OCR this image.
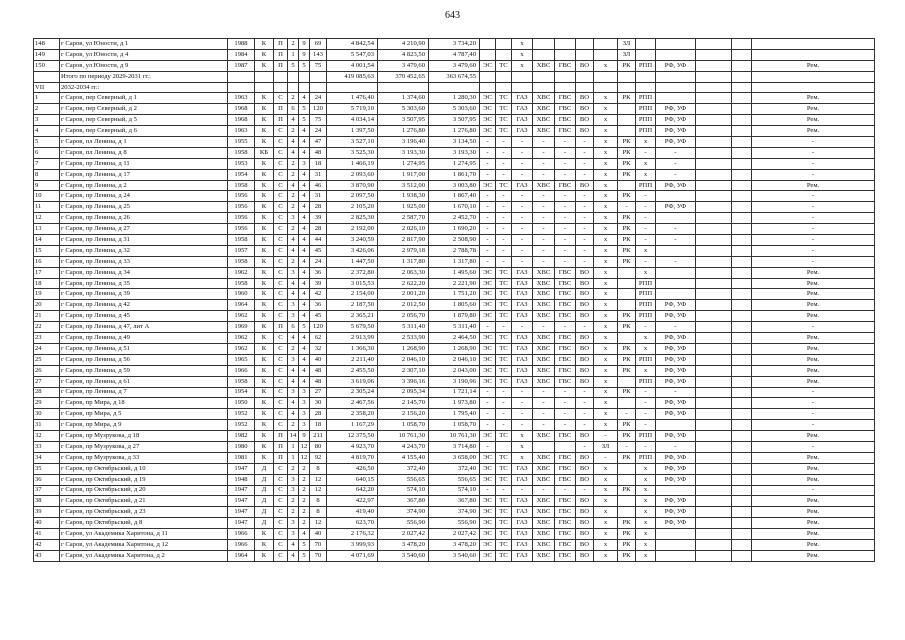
643
148	г Саров, ул Юности, д 1	1988	К	П	2	9	69	4 842,54	4 210,90	3 734,20			x					ЗЛ					
149	г Саров, ул Юности, д 4	1984	К	П	1	9	143	5 547,03	4 823,50	4 787,40			x					ЗЛ					
150	г Саров, ул Юности, д 9	1987	К	П	5	5	75	4 001,54	3 479,60	3 479,60	ЭС	ТС	x	ХВС	ГВС	ВО	x	РК	РПП	РФ, УФ			Рем.
	Итого по периоду 2029-2031 гг.:							419 085,63	370 452,65	363 674,55													
VII	2032-2034 гг.:																						
1	г Саров, пер Северный, д 1	1963	К	С	2	4	24	1 476,40	1 374,60	1 280,30	ЭС	ТС	ГАЗ	ХВС	ГВС	ВО	x	РК	РПП				Рем.
2	г Саров, пер Северный, д 2	1968	К	П	6	5	120	5 719,10	5 303,60	5 303,60	ЭС	ТС	ГАЗ	ХВС	ГВС	ВО	x		РПП	РФ, УФ			Рем.
3	г Саров, пер Северный, д 5	1968	К	П	4	5	75	4 034,14	3 507,95	3 507,95	ЭС	ТС	ГАЗ	ХВС	ГВС	ВО	x		РПП	РФ, УФ			Рем.
4	г Саров, пер Северный, д 6	1963	К	С	2	4	24	1 397,50	1 276,80	1 276,80	ЭС	ТС	ГАЗ	ХВС	ГВС	ВО	x		РПП	РФ, УФ			Рем.
5	г Саров, пл Ленина, д 1	1955	К	С	4	4	47	3 527,10	3 196,40	3 134,50	-	-	-	-	-	-	x	РК	x	РФ, УФ			-
6	г Саров, пл Ленина, д 8	1958	КБ	С	4	4	48	3 525,30	3 193,30	3 193,30	-	-	-	-	-	-	x	РК	-	-			-
7	г Саров, пр Ленина, д 11	1953	К	С	2	3	18	1 466,19	1 274,95	1 274,95	-	-	-	-	-	-	x	РК	x	-			-
8	г Саров, пр Ленина, д 17	1954	К	С	2	4	31	2 093,60	1 917,00	1 861,70	-	-	-	-	-	-	x	РК	x	-			-
9	г Саров, пр Ленина, д 2	1958	К	С	4	4	46	3 870,90	3 512,00	3 003,80	ЭС	ТС	ГАЗ	ХВС	ГВС	ВО	x		РПП	РФ, УФ			Рем.
10	г Саров, пр Ленина, д 24	1956	К	С	2	4	31	2 097,50	1 938,30	1 867,40	-	-	-	-	-	-	x	РК	-				-
11	г Саров, пр Ленина, д 25	1956	К	С	2	4	28	2 105,20	1 925,00	1 670,10	-	-	-	-	-	-	x	-	-	РФ, УФ			-
12	г Саров, пр Ленина, д 26	1956	К	С	3	4	39	2 825,30	2 587,70	2 452,70	-	-	-	-	-	-	x	РК	-				-
13	г Саров, пр Ленина, д 27	1956	К	С	2	4	28	2 192,00	2 026,10	1 690,20	-	-	-	-	-	-	x	РК	-	-			-
14	г Саров, пр Ленина, д 31	1958	К	С	4	4	44	3 240,59	2 817,90	2 508,90	-	-	-	-	-	-	x	РК	-	-			-
15	г Саров, пр Ленина, д 32	1957	К	С	4	4	45	3 426,06	2 979,18	2 788,78	-	-	-	-	-	-	x	РК	x				-
16	г Саров, пр Ленина, д 33	1958	К	С	2	4	24	1 447,50	1 317,80	1 317,80	-	-	-	-	-	-	x	РК	-	-			-
17	г Саров, пр Ленина, д 34	1962	К	С	3	4	36	2 372,80	2 063,30	1 495,60	ЭС	ТС	ГАЗ	ХВС	ГВС	ВО	x		x				Рем.
18	г Саров, пр Ленина, д 35	1958	К	С	4	4	39	3 015,53	2 622,20	2 221,90	ЭС	ТС	ГАЗ	ХВС	ГВС	ВО	x		РПП				Рем.
19	г Саров, пр Ленина, д 39	1960	К	С	4	4	42	2 154,00	2 001,20	1 751,20	ЭС	ТС	ГАЗ	ХВС	ГВС	ВО	x		РПП				Рем.
20	г Саров, пр Ленина, д 42	1964	К	С	3	4	36	2 187,50	2 012,50	1 805,60	ЭС	ТС	ГАЗ	ХВС	ГВС	ВО	x		РПП	РФ, УФ			Рем.
21	г Саров, пр Ленина, д 45	1962	К	С	3	4	45	2 365,21	2 056,70	1 879,80	ЭС	ТС	ГАЗ	ХВС	ГВС	ВО	x	РК	РПП	РФ, УФ			Рем.
22	г Саров, пр Ленина, д 47, лит А	1969	К	П	6	5	120	5 679,50	5 311,40	5 311,40	-	-	-	-	-	-	x	РК	-	-			-
23	г Саров, пр Ленина, д 49	1962	К	С	4	4	62	2 913,99	2 533,90	2 464,50	ЭС	ТС	ГАЗ	ХВС	ГВС	ВО	x		x	РФ, УФ			Рем.
24	г Саров, пр Ленина, д 51	1962	К	С	2	4	32	1 366,30	1 268,90	1 268,90	ЭС	ТС	ГАЗ	ХВС	ГВС	ВО	x	РК	x	РФ, УФ			Рем.
25	г Саров, пр Ленина, д 56	1965	К	С	3	4	40	2 211,40	2 046,10	2 046,10	ЭС	ТС	ГАЗ	ХВС	ГВС	ВО	x	РК	РПП	РФ, УФ			Рем.
26	г Саров, пр Ленина, д 59	1966	К	С	4	4	48	2 455,50	2 307,10	2 043,00	ЭС	ТС	ГАЗ	ХВС	ГВС	ВО	x	РК	x	РФ, УФ			Рем.
27	г Саров, пр Ленина, д 61	1958	К	С	4	4	48	3 619,06	3 396,16	3 190,96	ЭС	ТС	ГАЗ	ХВС	ГВС	ВО	x		РПП	РФ, УФ			Рем.
28	г Саров, пр Ленина, д 7	1954	К	С	3	3	27	2 305,24	2 095,34	1 721,14	-	-	-	-	-	-	x	РК	-	-			-
29	г Саров, пр Мира, д 18	1950	К	С	4	3	30	2 467,56	2 145,70	1 973,80	-	-	-	-	-	-	x		-	РФ, УФ			-
30	г Саров, пр Мира, д 5	1952	К	С	4	3	28	2 358,20	2 156,20	1 795,40	-	-	-	-	-	-	x	-	-	РФ, УФ			-
31	г Саров, пр Мира, д 9	1952	К	С	2	3	18	1 167,29	1 058,70	1 058,70	-	-	-	-	-	-	x	РК	-				-
32	г Саров, пр Музрукова, д 18	1982	К	П	14	9	211	12 375,50	10 761,30	10 761,30	ЭС	ТС	x	ХВС	ГВС	ВО	-	РК	РПП	РФ, УФ			Рем.
33	г Саров, пр Музрукова, д 27	1980	К	П	1	12	80	4 923,70	4 243,70	3 714,80	-		x			-	ЗЛ	-	-	-			-
34	г Саров, пр Музрукова, д 33	1981	К	П	1	12	92	4 819,70	4 155,40	3 658,00	ЭС	ТС	x	ХВС	ГВС	ВО	-	РК	РПП	РФ, УФ			Рем.
35	г Саров, пр Октябрьский, д 10	1947	Д	С	2	2	8	426,50	372,40	372,40	ЭС	ТС	ГАЗ	ХВС	ГВС	ВО	x		x	РФ, УФ			Рем.
36	г Саров, пр Октябрьский, д 19	1948	Д	С	3	2	12	640,15	556,65	556,65	ЭС	ТС	ГАЗ	ХВС	ГВС	ВО	x		x	РФ, УФ			Рем.
37	г Саров, пр Октябрьский, д 20	1947	Д	С	3	2	12	642,20	574,10	574,10	-	-	-	-	-	-	x	РК	x				-
38	г Саров, пр Октябрьский, д 21	1947	Д	С	2	2	8	422,97	367,80	367,80	ЭС	ТС	ГАЗ	ХВС	ГВС	ВО	x		x	РФ, УФ			Рем.
39	г Саров, пр Октябрьский, д 23	1947	Д	С	2	2	8	419,40	374,90	374,90	ЭС	ТС	ГАЗ	ХВС	ГВС	ВО	x		x	РФ, УФ			Рем.
40	г Саров, пр Октябрьский, д 8	1947	Д	С	3	2	12	623,70	556,90	556,90	ЭС	ТС	ГАЗ	ХВС	ГВС	ВО	x	РК	x	РФ, УФ			Рем.
41	г Саров, ул Академика Харитона, д 11	1966	К	С	3	4	40	2 176,32	2 027,42	2 027,42	ЭС	ТС	ГАЗ	ХВС	ГВС	ВО	x	РК	x				Рем.
42	г Саров, ул Академика Харитона, д 12	1966	К	С	4	5	70	3 999,93	3 478,20	3 478,20	ЭС	ТС	ГАЗ	ХВС	ГВС	ВО	x	РК	x				Рем.
43	г Саров, ул Академика Харитона, д 2	1964	К	С	4	5	70	4 071,69	3 540,60	3 540,60	ЭС	ТС	ГАЗ	ХВС	ГВС	ВО	x	РК	x				Рем.
